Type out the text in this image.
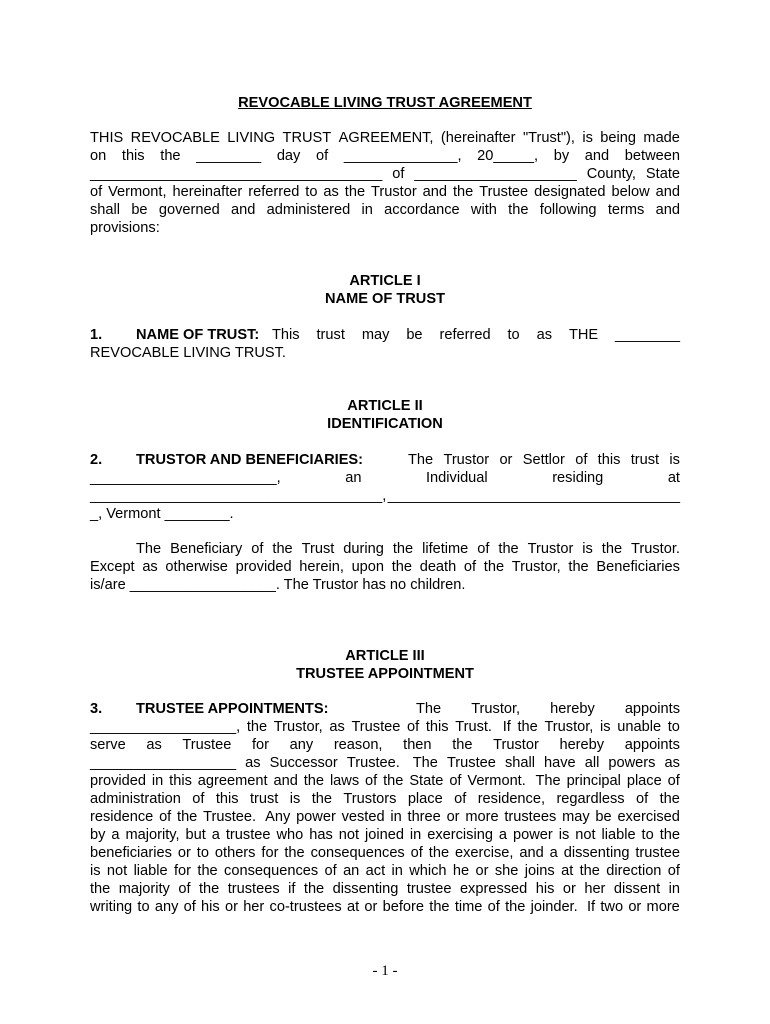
REVOCABLE LIVING TRUST AGREEMENT
THIS REVOCABLE LIVING TRUST AGREEMENT, (hereinafter "Trust"), is being made
on this the ________ day of ______________, 20_____, by and between
____________________________________ of ____________________ County, State
of Vermont, hereinafter referred to as the Trustor and the Trustee designated below and
shall be governed and administered in accordance with the following terms and
provisions:
ARTICLE I
NAME OF TRUST
1. NAME OF TRUST: This trust may be referred to as THE ________
REVOCABLE LIVING TRUST.
ARTICLE II
IDENTIFICATION
2. TRUSTOR AND BENEFICIARIES:	The Trustor or Settlor of this trust is
_______________________,	an	Individual	residing	at
____________________________________, ____________________________________
_, Vermont ________.
The Beneficiary of the Trust during the lifetime of the Trustor is the Trustor.
Except as otherwise provided herein, upon the death of the Trustor, the Beneficiaries
is/are __________________. The Trustor has no children.
ARTICLE III
TRUSTEE APPOINTMENT
3. TRUSTEE APPOINTMENTS:	The Trustor, hereby appoints
__________________, the Trustor, as Trustee of this Trust. If the Trustor, is unable to
serve as Trustee for any reason, then the Trustor hereby appoints
__________________ as Successor Trustee. The Trustee shall have all powers as
provided in this agreement and the laws of the State of Vermont. The principal place of
administration of this trust is the Trustors place of residence, regardless of the
residence of the Trustee. Any power vested in three or more trustees may be exercised
by a majority, but a trustee who has not joined in exercising a power is not liable to the
beneficiaries or to others for the consequences of the exercise, and a dissenting trustee
is not liable for the consequences of an act in which he or she joins at the direction of
the majority of the trustees if the dissenting trustee expressed his or her dissent in
writing to any of his or her co-trustees at or before the time of the joinder. If two or more
- 1 -
